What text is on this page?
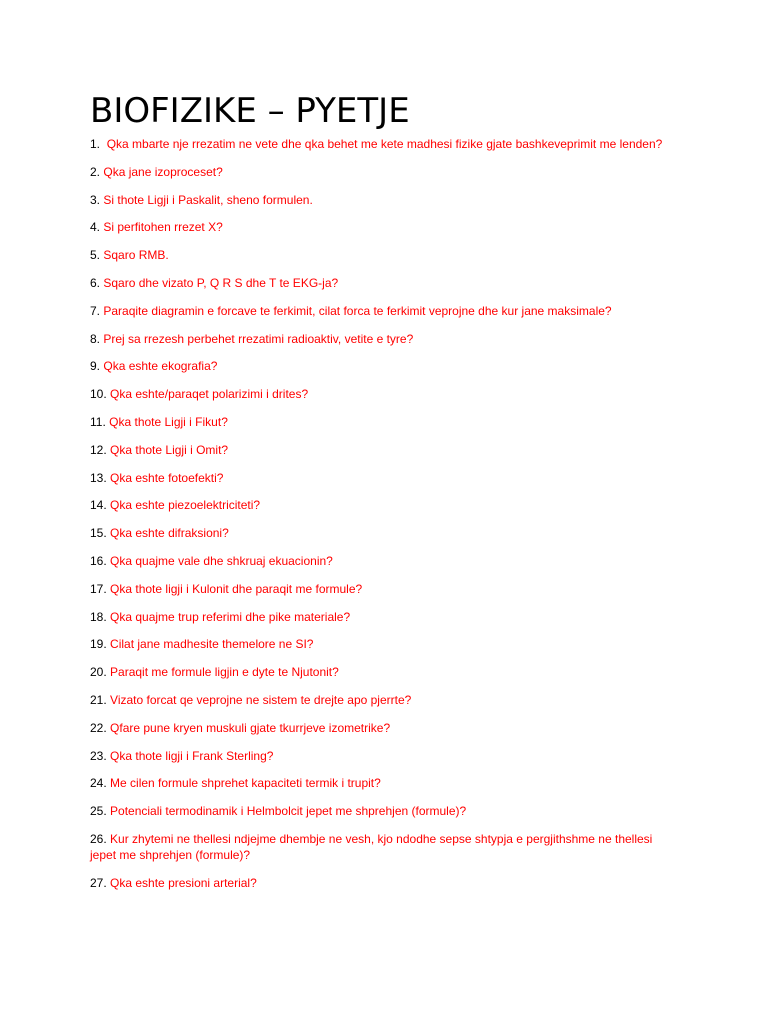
BIOFIZIKE – PYETJE
1. Qka mbarte nje rrezatim ne vete dhe qka behet me kete madhesi fizike gjate bashkeveprimit me lenden?
2. Qka jane izoproceset?
3. Si thote Ligji i Paskalit, sheno formulen.
4. Si perfitohen rrezet X?
5. Sqaro RMB.
6. Sqaro dhe vizato P, Q R S dhe T te EKG-ja?
7. Paraqite diagramin e forcave te ferkimit, cilat forca te ferkimit veprojne dhe kur jane maksimale?
8. Prej sa rrezesh perbehet rrezatimi radioaktiv, vetite e tyre?
9. Qka eshte ekografia?
10. Qka eshte/paraqet polarizimi i drites?
11. Qka thote Ligji i Fikut?
12. Qka thote Ligji i Omit?
13. Qka eshte fotoefekti?
14. Qka eshte piezoelektriciteti?
15. Qka eshte difraksioni?
16. Qka quajme vale dhe shkruaj ekuacionin?
17. Qka thote ligji i Kulonit dhe paraqit me formule?
18. Qka quajme trup referimi dhe pike materiale?
19. Cilat jane madhesite themelore ne SI?
20. Paraqit me formule ligjin e dyte te Njutonit?
21. Vizato forcat qe veprojne ne sistem te drejte apo pjerrte?
22. Qfare pune kryen muskuli gjate tkurrjeve izometrike?
23. Qka thote ligji i Frank Sterling?
24. Me cilen formule shprehet kapaciteti termik i trupit?
25. Potenciali termodinamik i Helmbolcit jepet me shprehjen (formule)?
26. Kur zhytemi ne thellesi ndjejme dhembje ne vesh, kjo ndodhe sepse shtypja e pergjithshme ne thellesi jepet me shprehjen (formule)?
27. Qka eshte presioni arterial?
